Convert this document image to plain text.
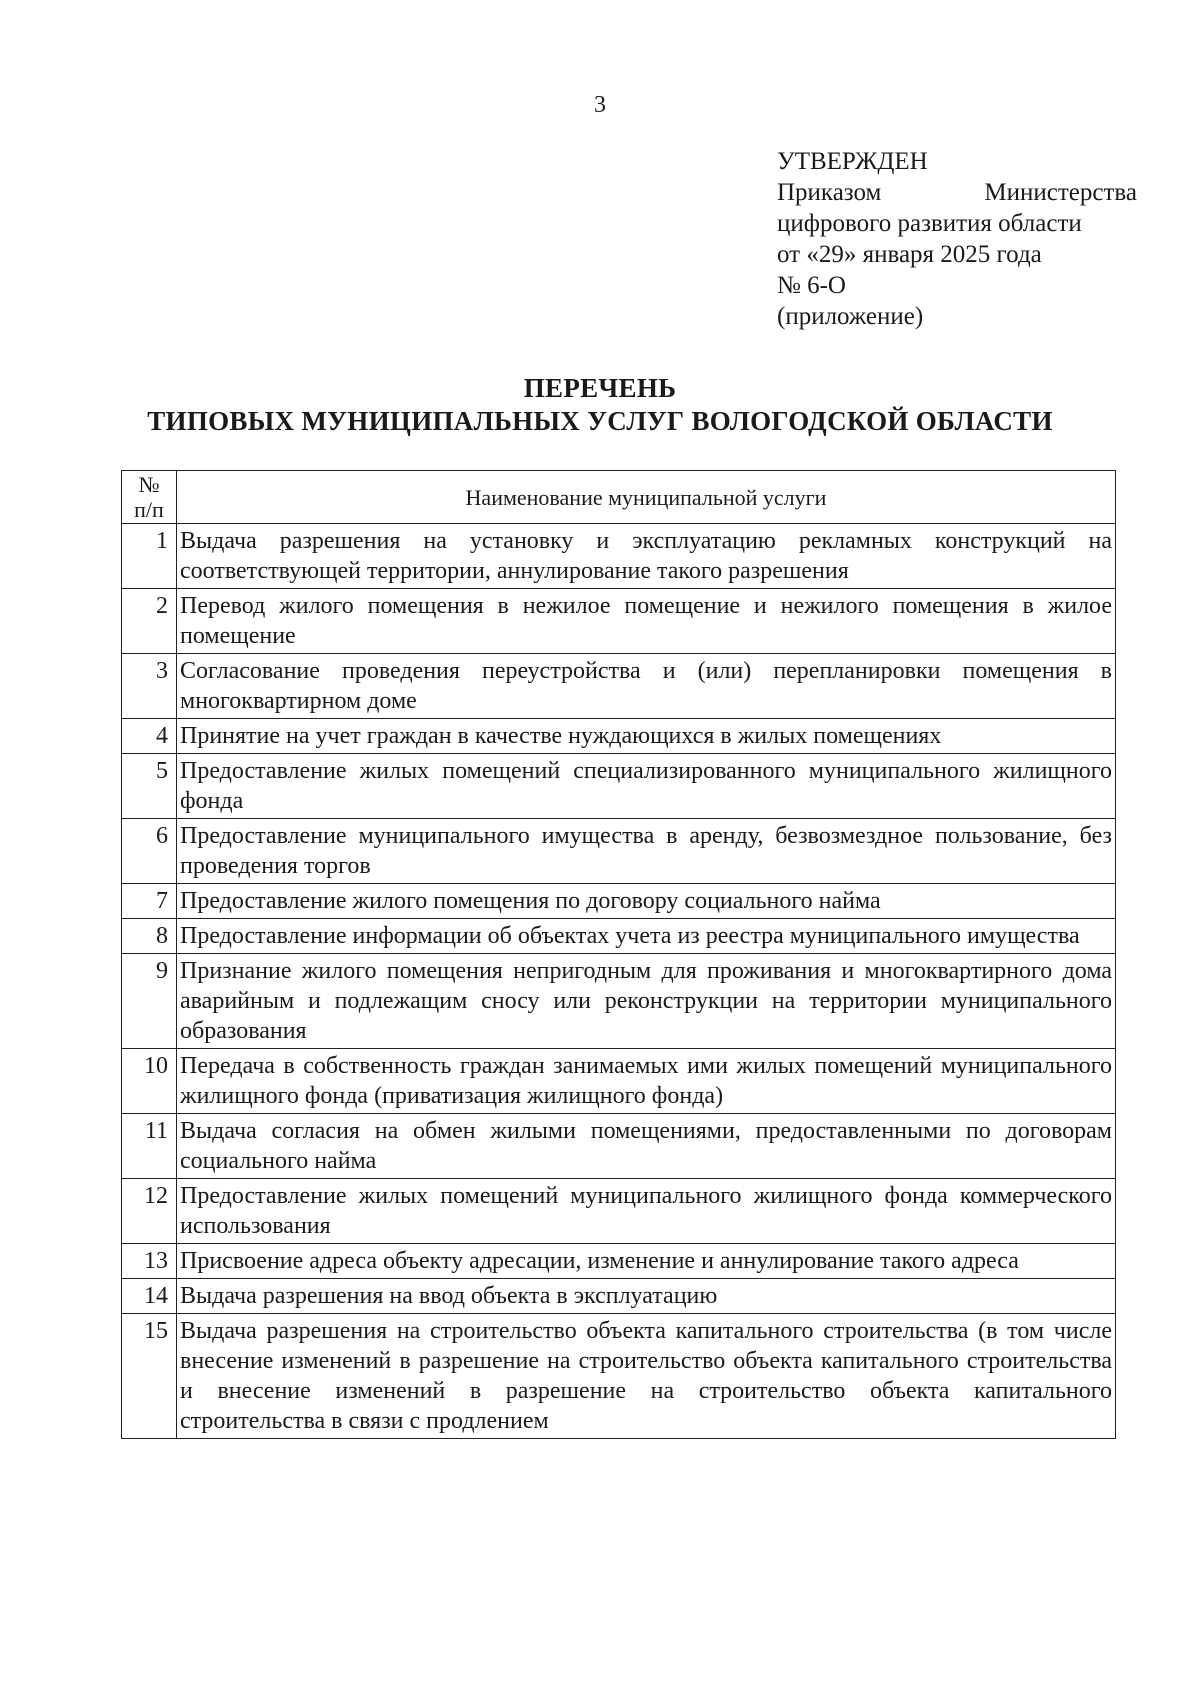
3
УТВЕРЖДЕН
Приказом	Министерства
цифрового развития области
от «29» января 2025 года
№ 6-О
(приложение)
ПЕРЕЧЕНЬ
ТИПОВЫХ МУНИЦИПАЛЬНЫХ УСЛУГ ВОЛОГОДСКОЙ ОБЛАСТИ
№
п/п	Наименование муниципальной услуги
1	Выдача разрешения на установку и эксплуатацию рекламных конструкций на соответствующей территории, аннулирование такого разрешения
2	Перевод жилого помещения в нежилое помещение и нежилого помещения в жилое помещение
3	Согласование проведения переустройства и (или) перепланировки помещения в многоквартирном доме
4	Принятие на учет граждан в качестве нуждающихся в жилых помещениях
5	Предоставление жилых помещений специализированного муниципального жилищного фонда
6	Предоставление муниципального имущества в аренду, безвозмездное пользование, без проведения торгов
7	Предоставление жилого помещения по договору социального найма
8	Предоставление информации об объектах учета из реестра муниципального имущества
9	Признание жилого помещения непригодным для проживания и многоквартирного дома аварийным и подлежащим сносу или реконструкции на территории муниципального образования
10	Передача в собственность граждан занимаемых ими жилых помещений муниципального жилищного фонда (приватизация жилищного фонда)
11	Выдача согласия на обмен жилыми помещениями, предоставленными по договорам социального найма
12	Предоставление жилых помещений муниципального жилищного фонда коммерческого использования
13	Присвоение адреса объекту адресации, изменение и аннулирование такого адреса
14	Выдача разрешения на ввод объекта в эксплуатацию
15	Выдача разрешения на строительство объекта капитального строительства (в том числе внесение изменений в разрешение на строительство объекта капитального строительства и внесение изменений в разрешение на строительство объекта капитального строительства в связи с продлением
